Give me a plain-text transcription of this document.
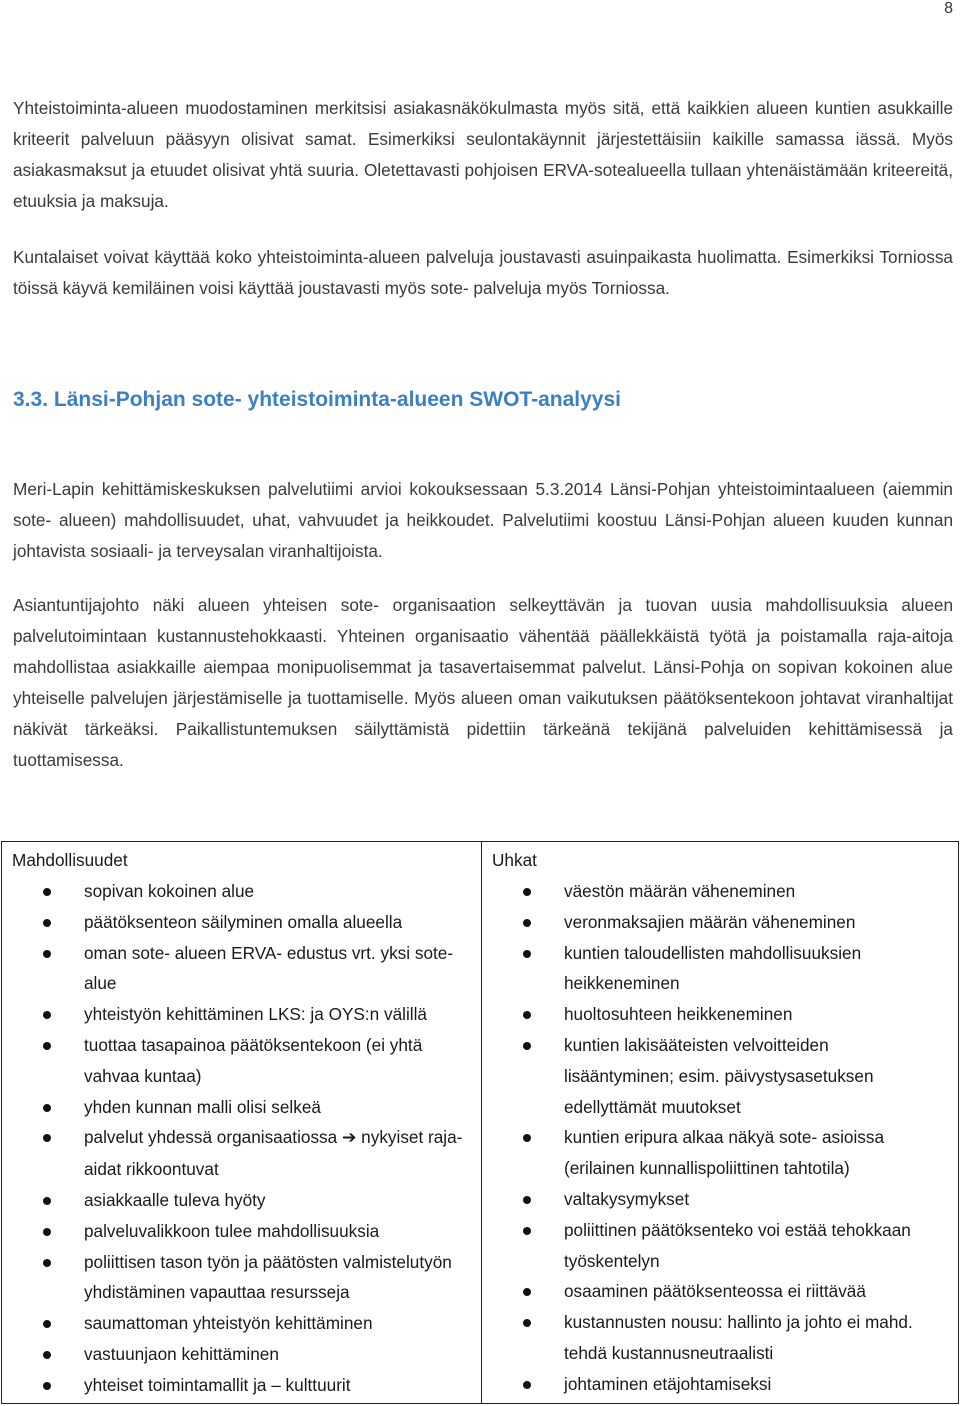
8

Yhteistoiminta-alueen muodostaminen merkitsisi asiakasnäkökulmasta myös sitä, että kaikkien alueen kuntien asukkaille kriteerit palveluun pääsyyn olisivat samat. Esimerkiksi seulontakäynnit järjestettäisiin kaikille samassa iässä. Myös asiakasmaksut ja etuudet olisivat yhtä suuria. Oletettavasti pohjoisen ERVA-sotealueella tullaan yhtenäistämään kriteereitä, etuuksia ja maksuja.

Kuntalaiset voivat käyttää koko yhteistoiminta-alueen palveluja joustavasti asuinpaikasta huolimatta. Esimerkiksi Torniossa töissä käyvä kemiläinen voisi käyttää joustavasti myös sote- palveluja myös Torniossa.

3.3. Länsi-Pohjan sote- yhteistoiminta-alueen SWOT-analyysi

Meri-Lapin kehittämiskeskuksen palvelutiimi arvioi kokouksessaan 5.3.2014 Länsi-Pohjan yhteistoimintaalueen (aiemmin sote- alueen) mahdollisuudet, uhat, vahvuudet ja heikkoudet. Palvelutiimi koostuu Länsi-Pohjan alueen kuuden kunnan johtavista sosiaali- ja terveysalan viranhaltijoista.

Asiantuntijajohto näki alueen yhteisen sote- organisaation selkeyttävän ja tuovan uusia mahdollisuuksia alueen palvelutoimintaan kustannustehokkaasti. Yhteinen organisaatio vähentää päällekkäistä työtä ja poistamalla raja-aitoja mahdollistaa asiakkaille aiempaa monipuolisemmat ja tasavertaisemmat palvelut. Länsi-Pohja on sopivan kokoinen alue yhteiselle palvelujen järjestämiselle ja tuottamiselle. Myös alueen oman vaikutuksen päätöksentekoon johtavat viranhaltijat näkivät tärkeäksi. Paikallistuntemuksen säilyttämistä pidettiin tärkeänä tekijänä palveluiden kehittämisessä ja tuottamisessa.

Mahdollisuudet
sopivan kokoinen alue
päätöksenteon säilyminen omalla alueella
oman sote- alueen ERVA- edustus vrt. yksi sote- alue
yhteistyön kehittäminen LKS: ja OYS:n välillä
tuottaa tasapainoa päätöksentekoon (ei yhtä vahvaa kuntaa)
yhden kunnan malli olisi selkeä
palvelut yhdessä organisaatiossa ➔ nykyiset raja-aidat rikkoontuvat
asiakkaalle tuleva hyöty
palveluvalikkoon tulee mahdollisuuksia
poliittisen tason työn ja päätösten valmistelutyön yhdistäminen vapauttaa resursseja
saumattoman yhteistyön kehittäminen
vastuunjaon kehittäminen
yhteiset toimintamallit ja – kulttuurit
Uhkat
väestön määrän väheneminen
veronmaksajien määrän väheneminen
kuntien taloudellisten mahdollisuuksien heikkeneminen
huoltosuhteen heikkeneminen
kuntien lakisääteisten velvoitteiden lisääntyminen; esim. päivystysasetuksen edellyttämät muutokset
kuntien eripura alkaa näkyä sote- asioissa (erilainen kunnallispoliittinen tahtotila)
valtakysymykset
poliittinen päätöksenteko voi estää tehokkaan työskentelyn
osaaminen päätöksenteossa ei riittävää
kustannusten nousu: hallinto ja johto ei mahd. tehdä kustannusneutraalisti
johtaminen etäjohtamiseksi
